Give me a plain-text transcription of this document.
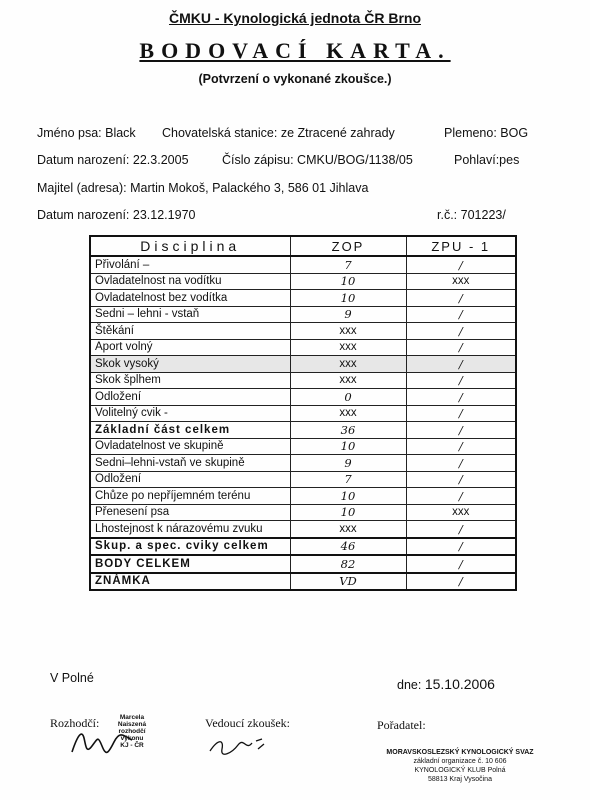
ČMKU - Kynologická jednota ČR Brno
BODOVACÍ KARTA.
(Potvrzení o vykonané zkoušce.)
Jméno psa: Black Chovatelská stanice: ze Ztracené zahrady	Plemeno: BOG
Datum narození: 22.3.2005	Číslo zápisu: CMKU/BOG/1138/05	Pohlaví:pes
Majitel (adresa): Martin Mokoš, Palackého 3, 586 01 Jihlava
Datum narození: 23.12.1970	r.č.: 701223/
Disciplina	ZOP	ZPU - 1
Přivolání –	7	/
Ovladatelnost na vodítku	10	xxx
Ovladatelnost bez vodítka	10	/
Sedni – lehni - vstaň	9	/
Štěkání	xxx	/
Aport volný	xxx	/
Skok vysoký	xxx	/
Skok šplhem	xxx	/
Odložení	0	/
Volitelný cvik -	xxx	/
Základní část celkem	36	/
Ovladatelnost ve skupině	10	/
Sedni–lehni-vstaň ve skupině	9	/
Odložení	7	/
Chůze po nepříjemném terénu	10	/
Přenesení psa	10	xxx
Lhostejnost k nárazovému zvuku	xxx	/
Skup. a spec. cviky celkem	46	/
BODY CELKEM	82	/
ZNÁMKA	VD	/
V Polné	dne: 15.10.2006
Rozhodčí:	Marcela Naiszená
rozhodčí výkonu
KJ - ČR
Vedoucí zkoušek:	Pořadatel:
MORAVSKOSLEZSKÝ KYNOLOGICKÝ SVAZ
základní organizace č. 10 606
KYNOLOGICKÝ KLUB Polná
58813 Kraj Vysočina
